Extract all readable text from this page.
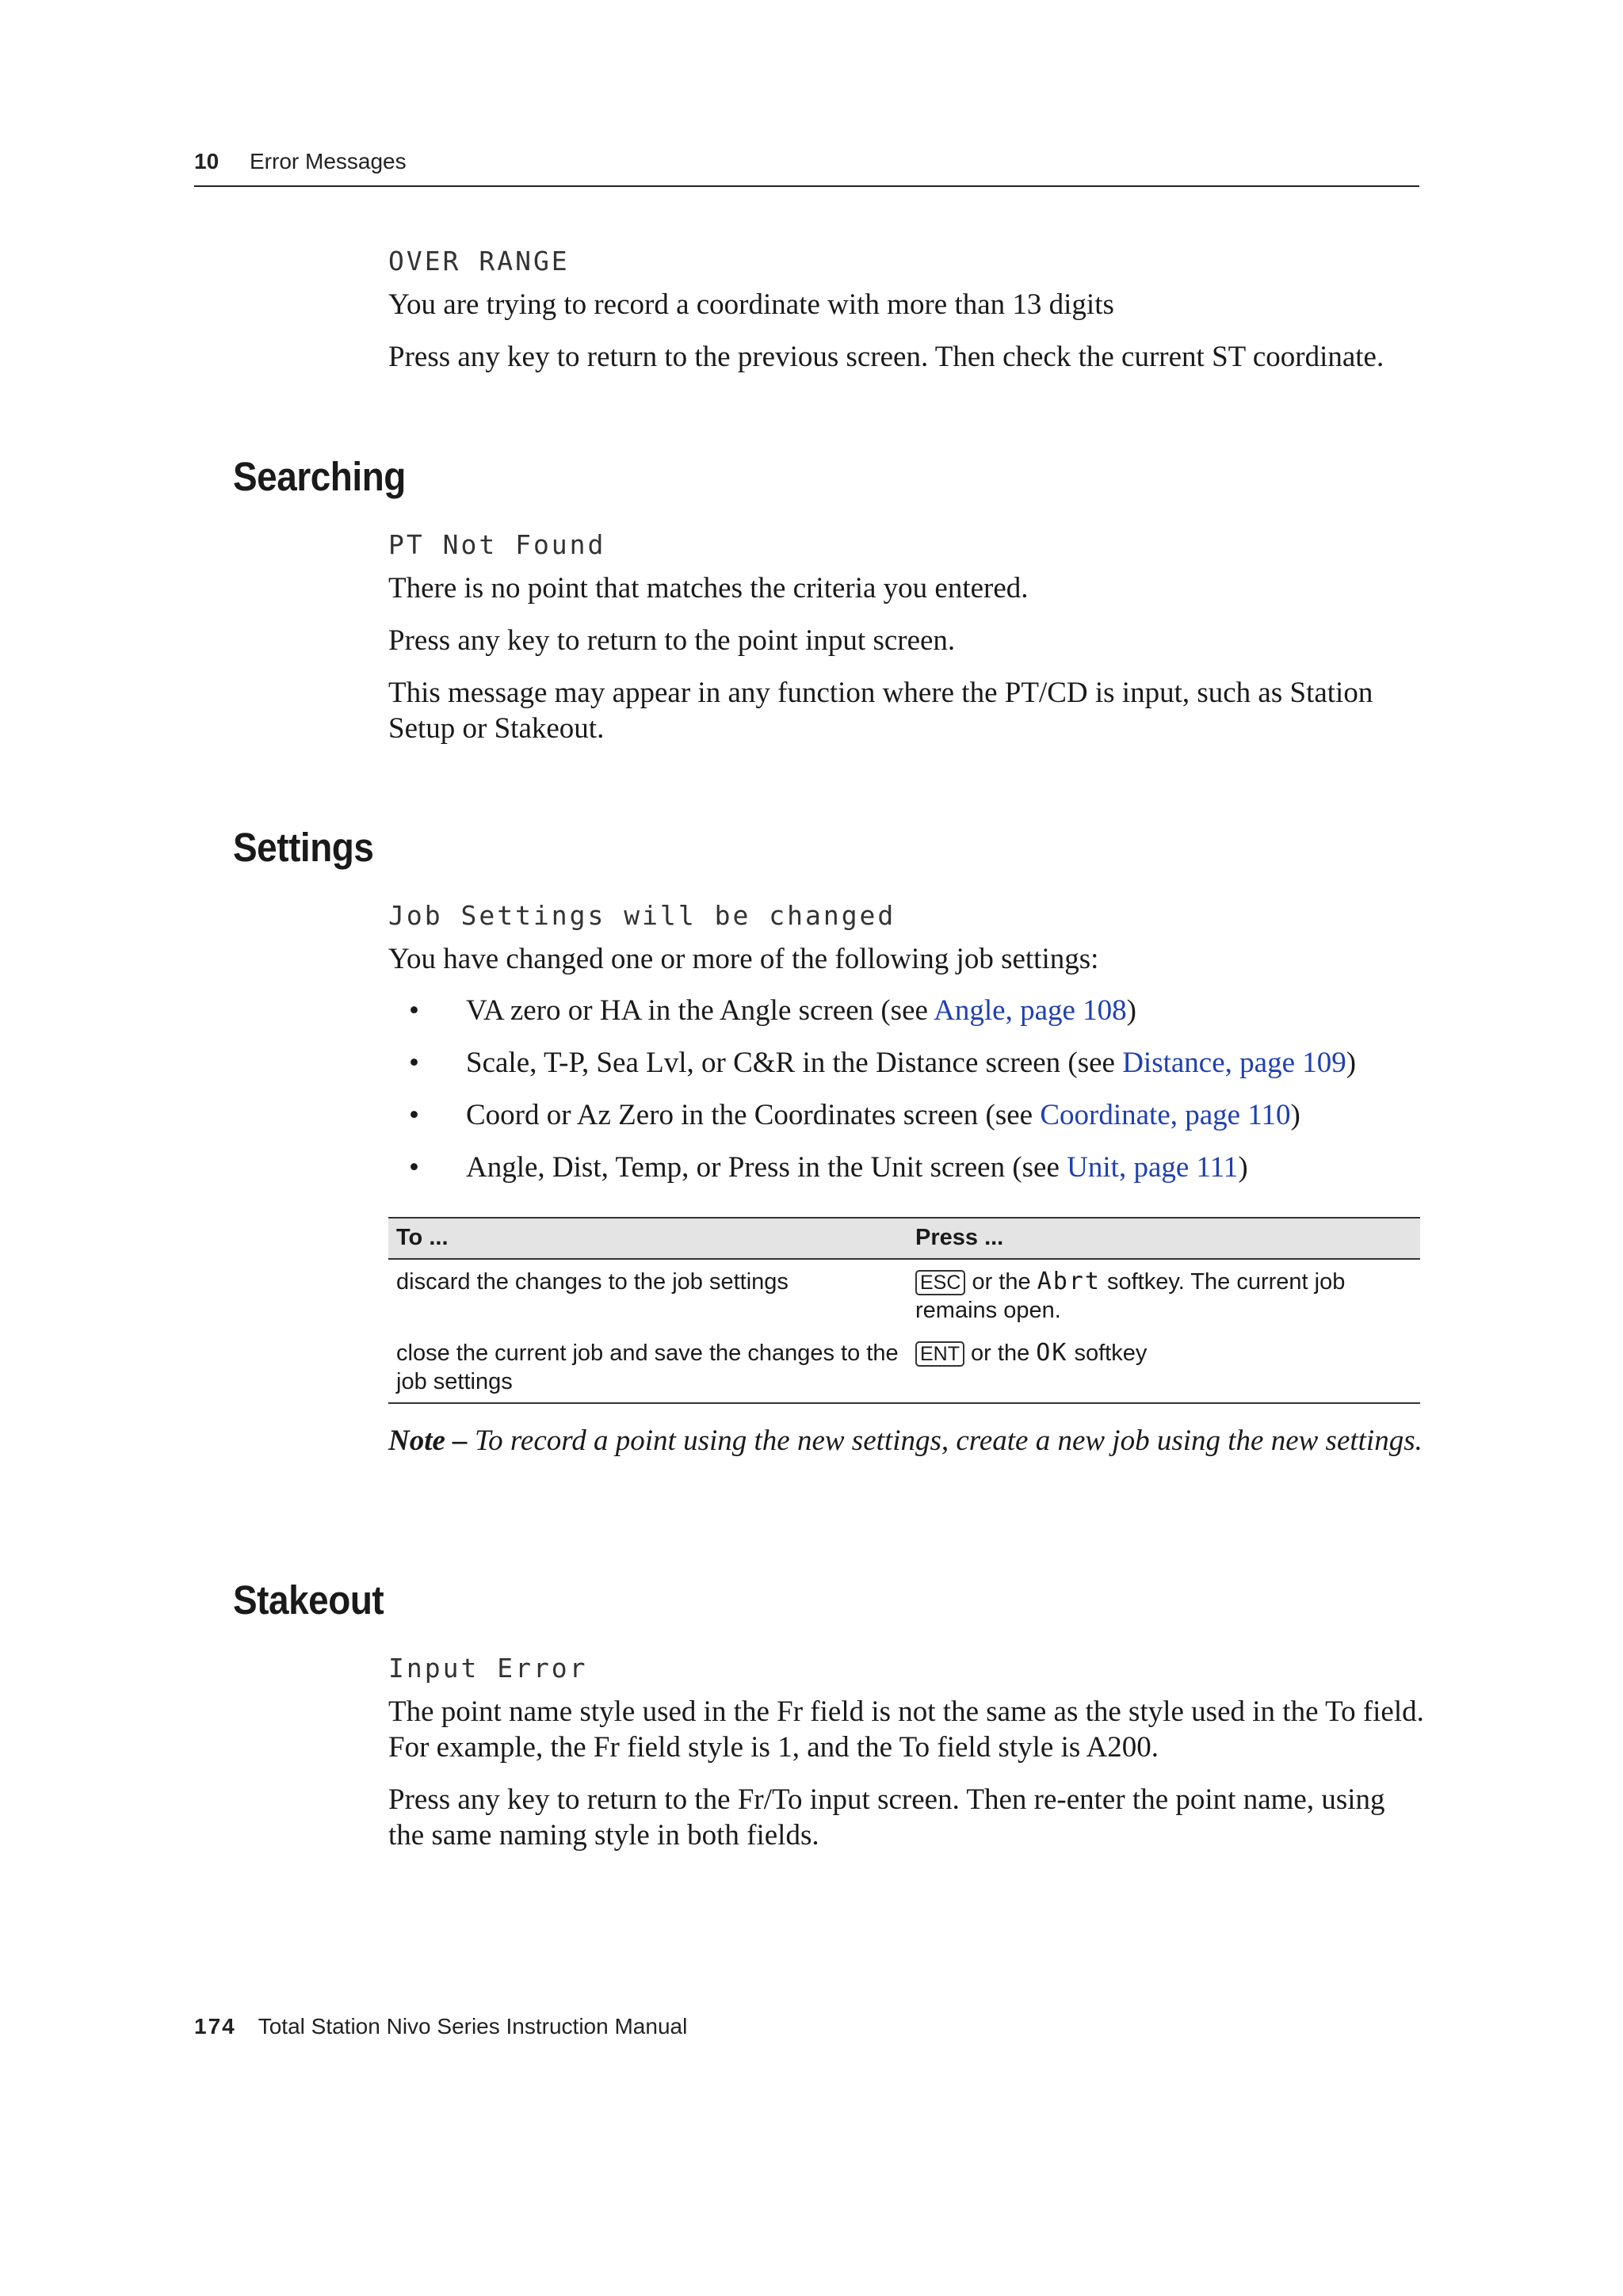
10 Error Messages

OVER RANGE

You are trying to record a coordinate with more than 13 digits

Press any key to return to the previous screen. Then check the current ST coordinate.

Searching

PT Not Found

There is no point that matches the criteria you entered.

Press any key to return to the point input screen.

This message may appear in any function where the PT/CD is input, such as Station Setup or Stakeout.

Settings

Job Settings will be changed

You have changed one or more of the following job settings:

• VA zero or HA in the Angle screen (see Angle, page 108)
• Scale, T-P, Sea Lvl, or C&R in the Distance screen (see Distance, page 109)
• Coord or Az Zero in the Coordinates screen (see Coordinate, page 110)
• Angle, Dist, Temp, or Press in the Unit screen (see Unit, page 111)
To ...	Press ...
discard the changes to the job settings	ESC or the Abrt softkey. The current job remains open.
close the current job and save the changes to the job settings	ENT or the OK softkey

Note – To record a point using the new settings, create a new job using the new settings.

Stakeout

Input Error

The point name style used in the Fr field is not the same as the style used in the To field. For example, the Fr field style is 1, and the To field style is A200.

Press any key to return to the Fr/To input screen. Then re-enter the point name, using the same naming style in both fields.

174 Total Station Nivo Series Instruction Manual
